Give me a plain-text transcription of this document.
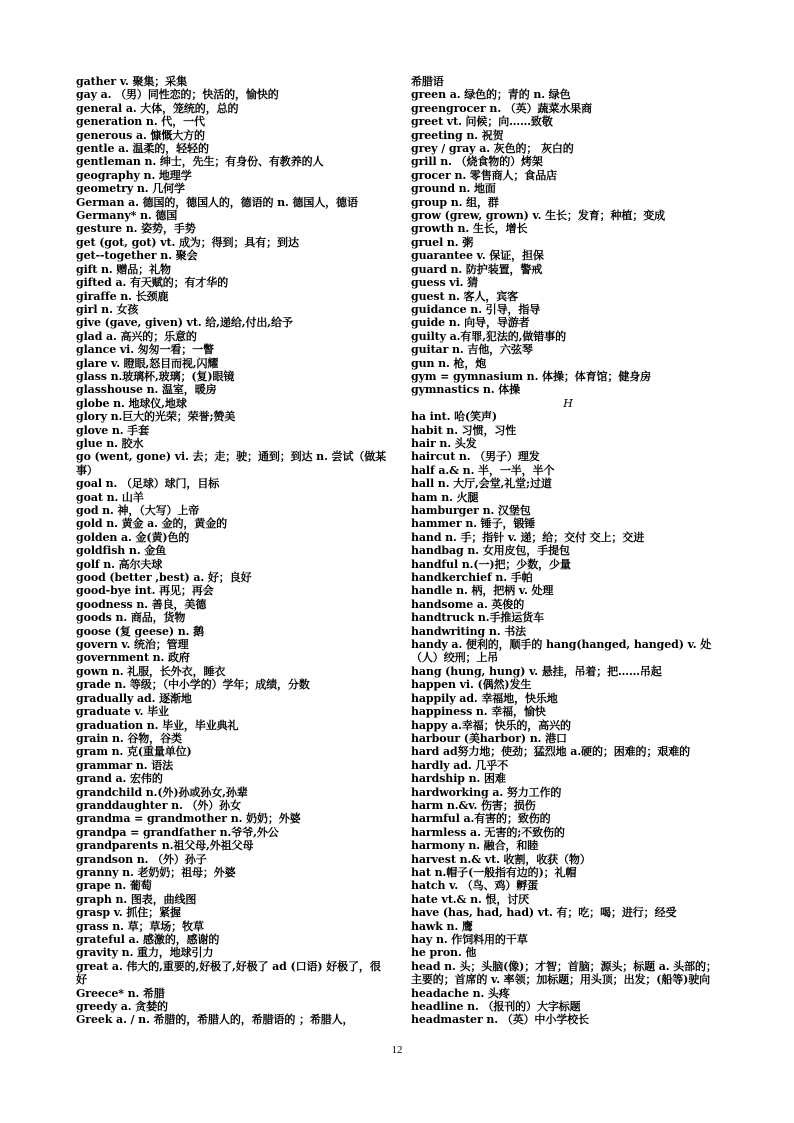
gather v. 聚集；采集
gay a. （男）同性恋的；快活的，愉快的
general a. 大体，笼统的，总的
generation n. 代，一代
generous a. 慷慨大方的
gentle a. 温柔的，轻轻的
gentleman n. 绅士，先生；有身份、有教养的人
geography n. 地理学
geometry n. 几何学
German a. 德国的，德国人的，德语的 n. 德国人，德语
Germany* n. 德国
gesture n. 姿势，手势
get (got, got) vt. 成为；得到；具有；到达
get--together n. 聚会
gift n. 赠品；礼物
gifted a. 有天赋的；有才华的
giraffe n. 长颈鹿
girl n. 女孩
give (gave, given) vt. 给,递给,付出,给予
glad a. 高兴的；乐意的
glance vi. 匆匆一看；一瞥
glare v. 瞪眼,怒目而视,闪耀
glass n.玻璃杯,玻璃；(复)眼镜
glasshouse n. 温室，暖房
globe n. 地球仪,地球
glory n.巨大的光荣；荣誉;赞美
glove n. 手套
glue n. 胶水
go (went, gone) vi. 去；走；驶；通到；到达 n. 尝试（做某事）
goal n. （足球）球门，目标
goat n. 山羊
god n. 神，（大写）上帝
gold n. 黄金 a. 金的，黄金的
golden a. 金(黄)色的
goldfish n. 金鱼
golf n. 高尔夫球
good (better ,best) a. 好；良好
good-bye int. 再见；再会
goodness n. 善良，美德
goods n. 商品，货物
goose (复 geese) n. 鹅
govern v. 统治；管理
government n. 政府
gown n. 礼服，长外衣，睡衣
grade n. 等级；（中小学的）学年；成绩，分数
gradually ad. 逐渐地
graduate v. 毕业
graduation n. 毕业，毕业典礼
grain n. 谷物，谷类
gram n. 克(重量单位)
grammar n. 语法
grand a. 宏伟的
grandchild n.(外)孙或孙女,孙辈
granddaughter n. （外）孙女
grandma = grandmother n. 奶奶；外婆
grandpa = grandfather n.爷爷,外公
grandparents n.祖父母,外祖父母
grandson n. （外）孙子
granny n. 老奶奶；祖母；外婆
grape n. 葡萄
graph n. 图表，曲线图
grasp v. 抓住；紧握
grass n. 草；草场；牧草
grateful a. 感激的，感谢的
gravity n. 重力，地球引力
great a. 伟大的,重要的,好极了,好极了 ad (口语) 好极了，很好
Greece* n. 希腊
greedy a. 贪婪的
Greek a. / n. 希腊的，希腊人的，希腊语的 ；希腊人，
希腊语
green a. 绿色的；青的 n. 绿色
greengrocer n. （英）蔬菜水果商
greet vt. 问候；向……致敬
greeting n. 祝贺
grey / gray a. 灰色的； 灰白的
grill n. （烧食物的）烤架
grocer n. 零售商人；食品店
ground n. 地面
group n. 组，群
grow (grew, grown) v. 生长；发育；种植；变成
growth n. 生长，增长
gruel n. 粥
guarantee v. 保证，担保
guard n. 防护装置，警戒
guess vi. 猜
guest n. 客人，宾客
guidance n. 引导，指导
guide n. 向导，导游者
guilty a.有罪,犯法的,做错事的
guitar n. 吉他，六弦琴
gun n. 枪，炮
gym = gymnasium n. 体操；体育馆；健身房
gymnastics n. 体操
H
ha int. 哈(笑声)
habit n. 习惯，习性
hair n. 头发
haircut n. （男子）理发
half a.& n. 半，一半，半个
hall n. 大厅,会堂,礼堂;过道
ham n. 火腿
hamburger n. 汉堡包
hammer n. 锤子，锻锤
hand n. 手；指针 v. 递；给；交付 交上；交进
handbag n. 女用皮包，手提包
handful n.(一)把；少数，少量
handkerchief n. 手帕
handle n. 柄，把柄 v. 处理
handsome a. 英俊的
handtruck n.手推运货车
handwriting n. 书法
handy a. 便利的，顺手的 hang(hanged, hanged) v. 处（人）绞刑；上吊
hang (hung, hung) v. 悬挂，吊着；把……吊起
happen vi. (偶然)发生
happily ad. 幸福地，快乐地
happiness n. 幸福，愉快
happy a.幸福；快乐的，高兴的
harbour (美harbor) n. 港口
hard ad努力地；使劲；猛烈地 a.硬的；困难的；艰难的
hardly ad. 几乎不
hardship n. 困难
hardworking a. 努力工作的
harm n.&v. 伤害；损伤
harmful a.有害的；致伤的
harmless a. 无害的;不致伤的
harmony n. 融合，和睦
harvest n.& vt. 收割，收获（物）
hat n.帽子(一般指有边的)；礼帽
hatch v. （鸟、鸡）孵蛋
hate vt.& n. 恨，讨厌
have (has, had, had) vt. 有；吃；喝；进行；经受
hawk n. 鹰
hay n. 作饲料用的干草
he pron. 他
head n. 头；头脑(像)；才智；首脑；源头；标题 a. 头部的；主要的；首席的 v. 率领；加标题；用头顶；出发；(船等)驶向
headache n. 头疼
headline n. （报刊的）大字标题
headmaster n. （英）中小学校长
12
